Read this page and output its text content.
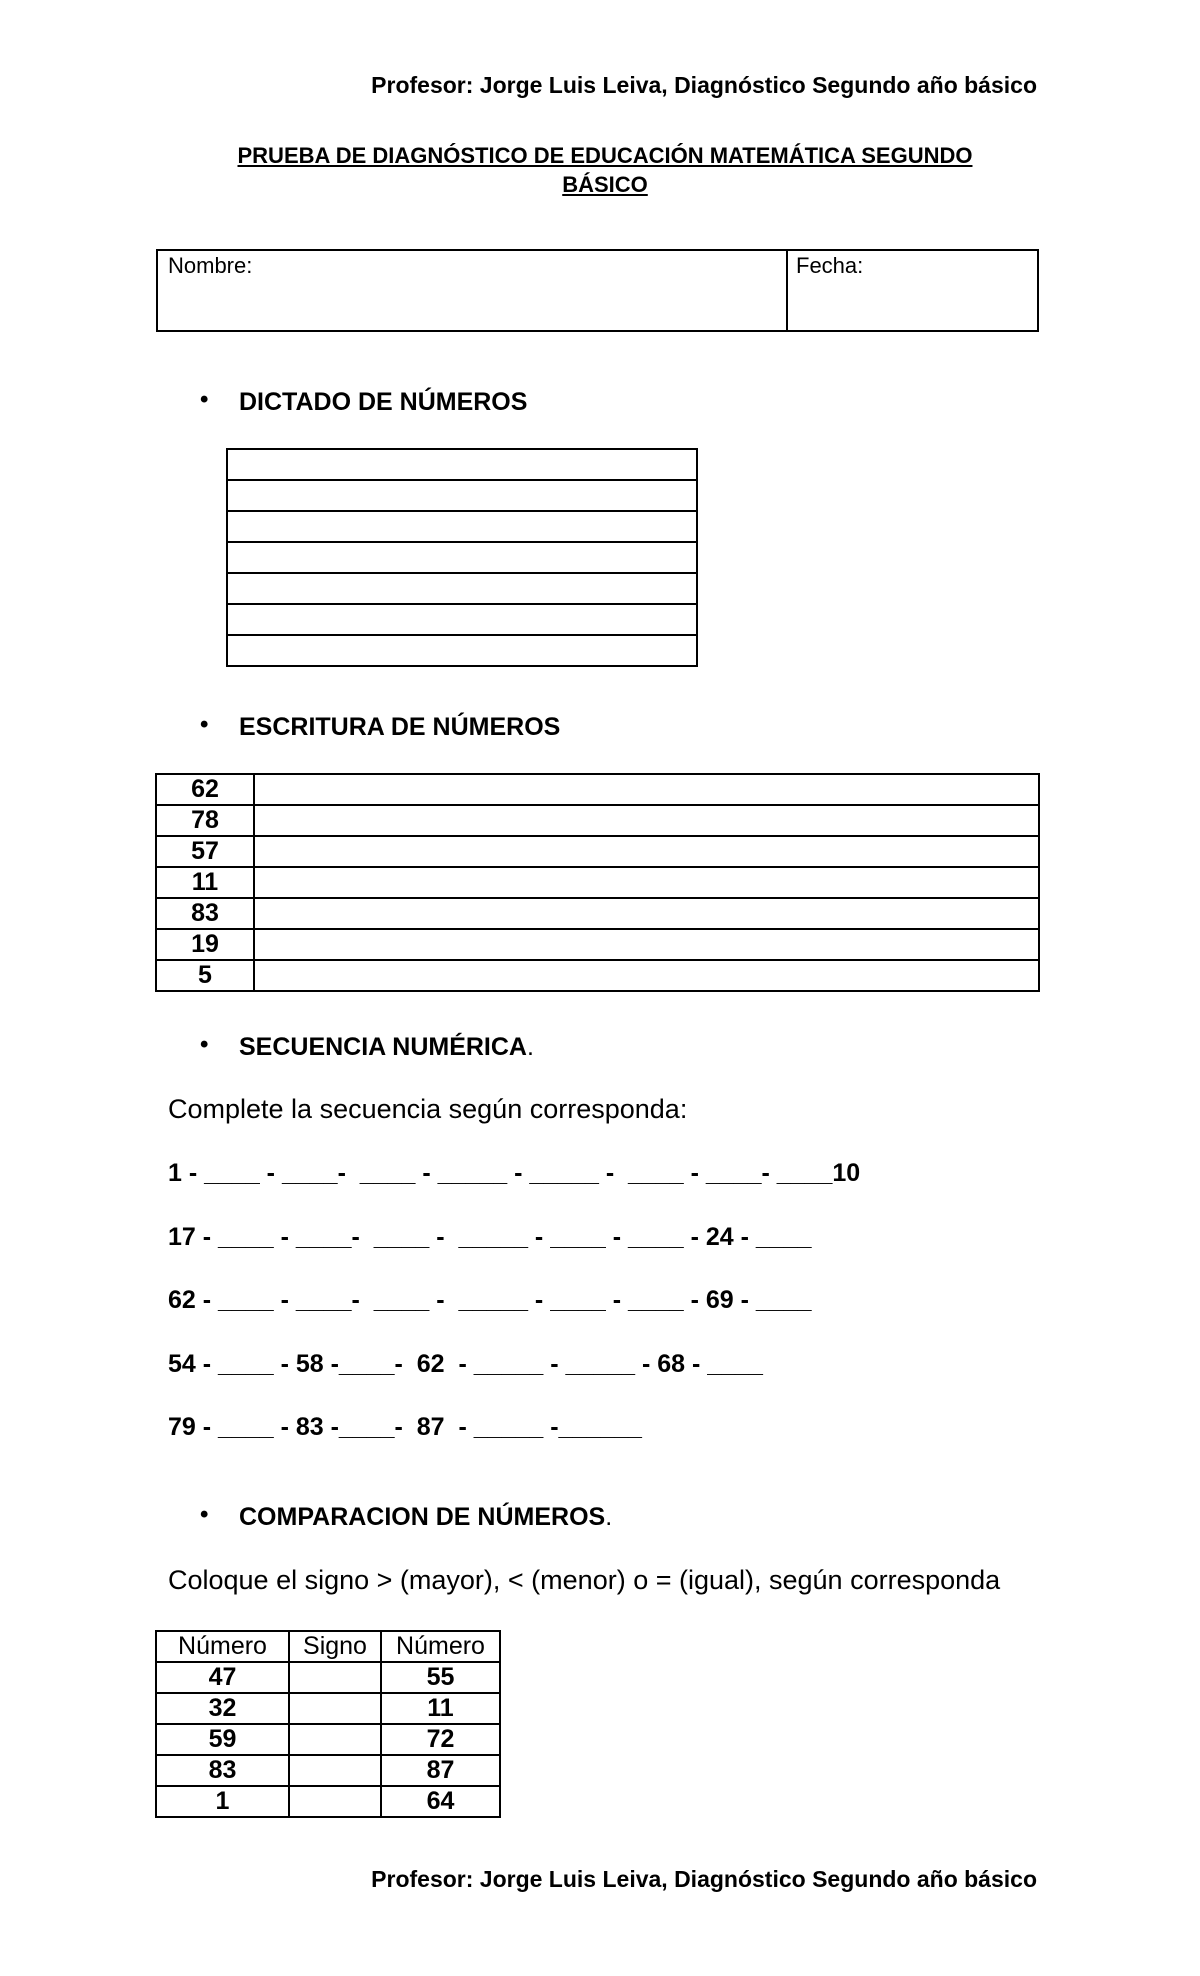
Profesor: Jorge Luis Leiva, Diagnóstico Segundo año básico
PRUEBA DE DIAGNÓSTICO DE EDUCACIÓN MATEMÁTICA SEGUNDO
BÁSICO
Nombre:	Fecha:
• DICTADO DE NÚMEROS

• ESCRITURA DE NÚMEROS
62	
78	
57	
11	
83	
19	
5	
• SECUENCIA NUMÉRICA.
Complete la secuencia según corresponda:
1 - ____ - ____-  ____ - _____ - _____ -  ____ - ____- ____10
17 - ____ - ____-  ____ -  _____ - ____ - ____ - 24 - ____
62 - ____ - ____-  ____ -  _____ - ____ - ____ - 69 - ____
54 - ____ - 58 -____-  62  - _____ - _____ - 68 - ____
79 - ____ - 83 -____-  87  - _____ -______
• COMPARACION DE NÚMEROS.
Coloque el signo > (mayor), < (menor) o = (igual), según corresponda
Número	Signo	Número
47		55
32		11
59		72
83		87
1		64
Profesor: Jorge Luis Leiva, Diagnóstico Segundo año básico
